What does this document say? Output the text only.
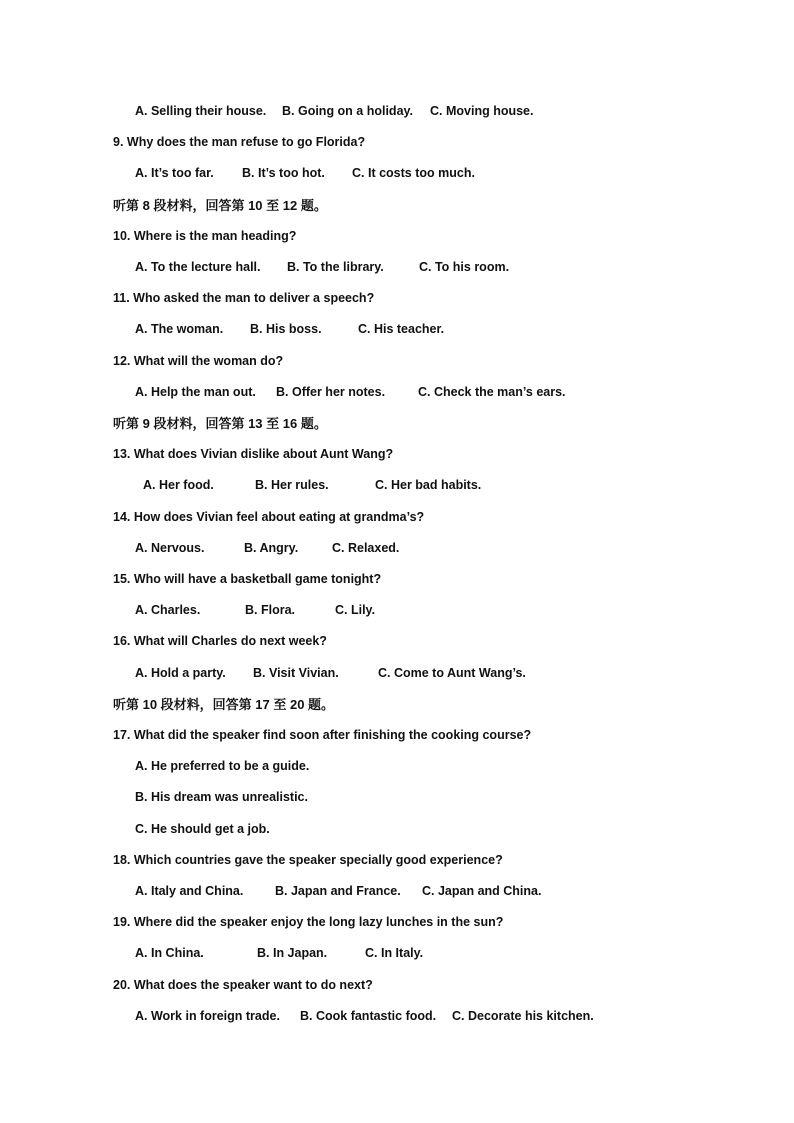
A. Selling their house. B. Going on a holiday. C. Moving house.
9. Why does the man refuse to go Florida?
A. It’s too far. B. It’s too hot. C. It costs too much.
听第 8 段材料，回答第 10 至 12 题。
10. Where is the man heading?
A. To the lecture hall. B. To the library.	C. To his room.
11. Who asked the man to deliver a speech?
A. The woman. B. His boss.	C. His teacher.
12. What will the woman do?
A. Help the man out. B. Offer her notes.	C. Check the man’s ears.
听第 9 段材料，回答第 13 至 16 题。
13. What does Vivian dislike about Aunt Wang?
A. Her food.	B. Her rules.	C. Her bad habits.
14. How does Vivian feel about eating at grandma’s?
A. Nervous.	B. Angry.	C. Relaxed.
15. Who will have a basketball game tonight?
A. Charles.	B. Flora.	C. Lily.
16. What will Charles do next week?
A. Hold a party. B. Visit Vivian.	C. Come to Aunt Wang’s.
听第 10 段材料，回答第 17 至 20 题。
17. What did the speaker find soon after finishing the cooking course?
A. He preferred to be a guide.
B. His dream was unrealistic.
C. He should get a job.
18. Which countries gave the speaker specially good experience?
A. Italy and China.	B. Japan and France. C. Japan and China.
19. Where did the speaker enjoy the long lazy lunches in the sun?
A. In China.	B. In Japan.	C. In Italy.
20. What does the speaker want to do next?
A. Work in foreign trade. B. Cook fantastic food. C. Decorate his kitchen.
